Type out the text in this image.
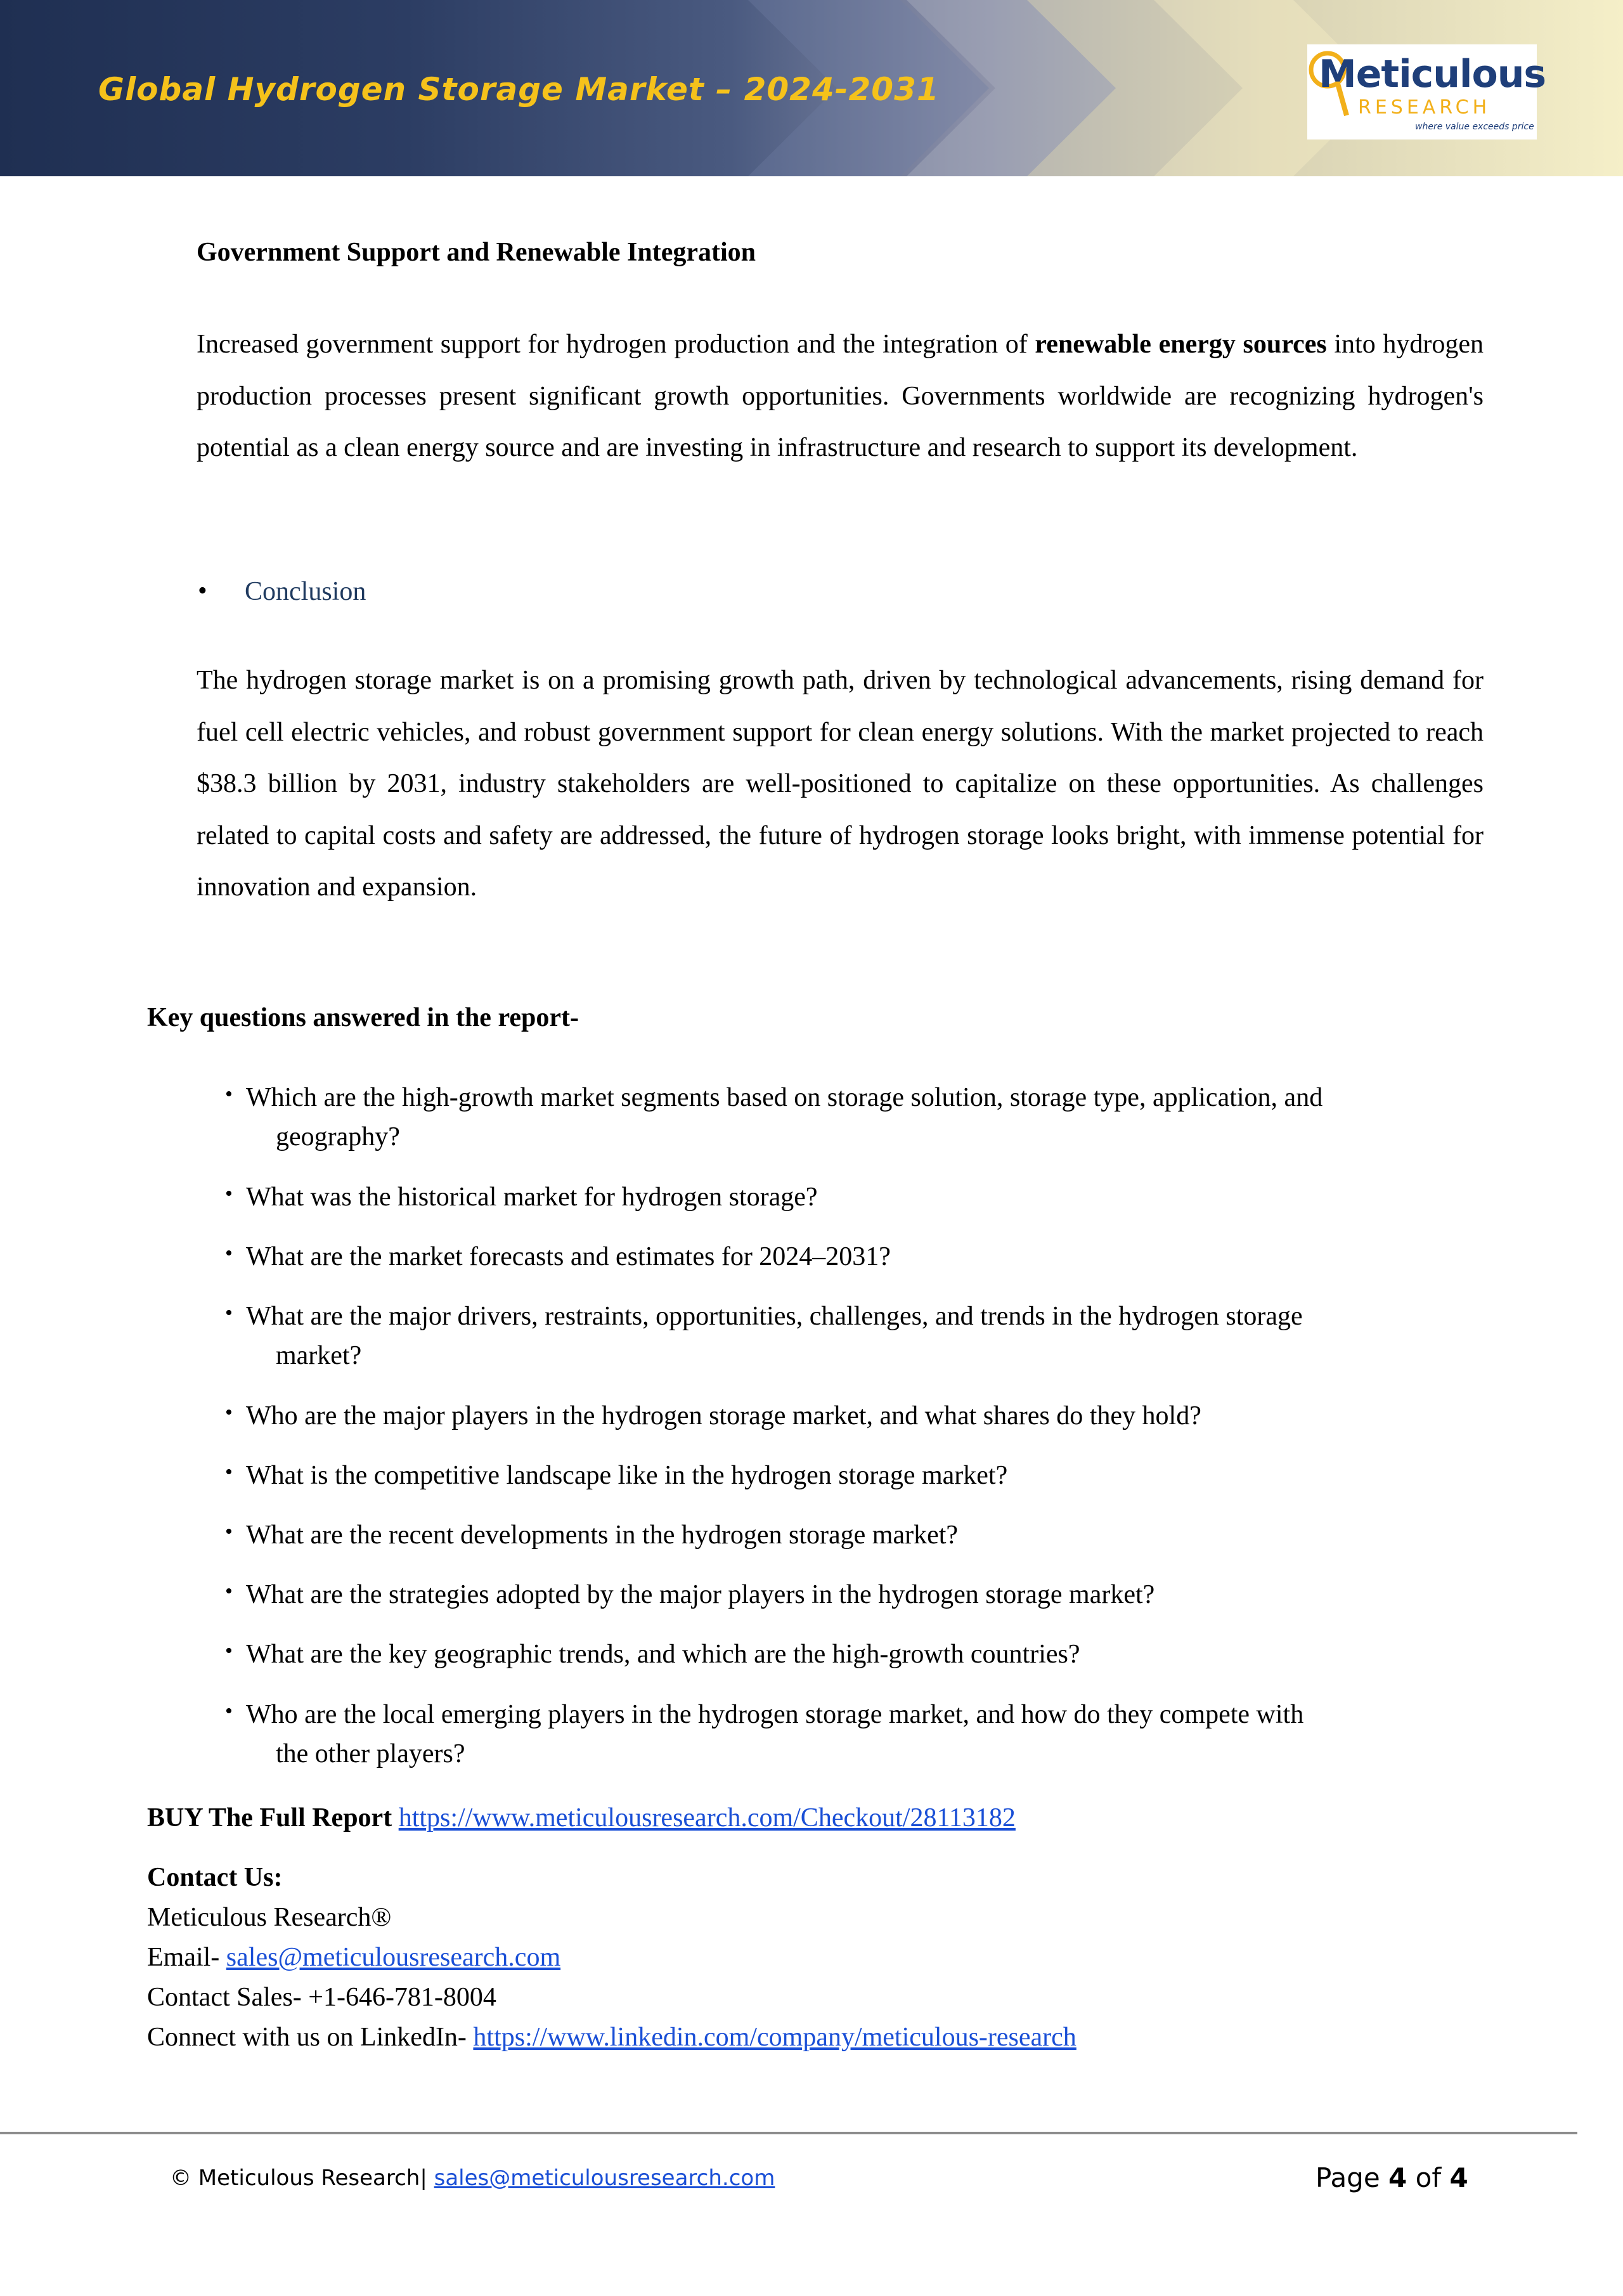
Global Hydrogen Storage Market – 2024-2031	Meticulous
RESEARCH
where value exceeds price

Government Support and Renewable Integration

Increased government support for hydrogen production and the integration of renewable energy sources into hydrogen production processes present significant growth opportunities. Governments worldwide are recognizing hydrogen's potential as a clean energy source and are investing in infrastructure and research to support its development.

• Conclusion

The hydrogen storage market is on a promising growth path, driven by technological advancements, rising demand for fuel cell electric vehicles, and robust government support for clean energy solutions. With the market projected to reach $38.3 billion by 2031, industry stakeholders are well-positioned to capitalize on these opportunities. As challenges related to capital costs and safety are addressed, the future of hydrogen storage looks bright, with immense potential for innovation and expansion.

Key questions answered in the report-

• Which are the high-growth market segments based on storage solution, storage type, application, and

geography?

• What was the historical market for hydrogen storage?

• What are the market forecasts and estimates for 2024–2031?

• What are the major drivers, restraints, opportunities, challenges, and trends in the hydrogen storage

market?

• Who are the major players in the hydrogen storage market, and what shares do they hold?

• What is the competitive landscape like in the hydrogen storage market?

• What are the recent developments in the hydrogen storage market?

• What are the strategies adopted by the major players in the hydrogen storage market?

• What are the key geographic trends, and which are the high-growth countries?

• Who are the local emerging players in the hydrogen storage market, and how do they compete with

the other players?

BUY The Full Report https://www.meticulousresearch.com/Checkout/28113182

Contact Us:

Meticulous Research®

Email- sales@meticulousresearch.com

Contact Sales- +1-646-781-8004

Connect with us on LinkedIn- https://www.linkedin.com/company/meticulous-research

© Meticulous Research| sales@meticulousresearch.com	Page 4 of 4
